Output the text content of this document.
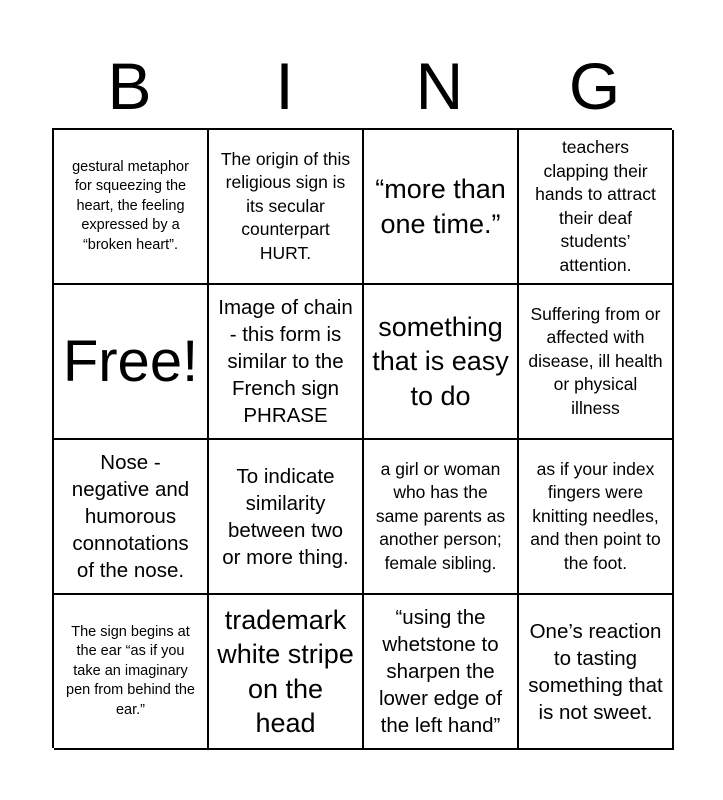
B	I	N	G
gestural metaphor for squeezing the heart, the feeling expressed by a “broken heart”.
The origin of this religious sign is its secular counterpart HURT.
“more than one time.”
teachers clapping their hands to attract their deaf students’ attention.
Free!
Image of chain - this form is similar to the French sign PHRASE
something that is easy to do
Suffering from or affected with disease, ill health or physical illness
Nose - negative and humorous connotations of the nose.
To indicate similarity between two or more thing.
a girl or woman who has the same parents as another person; female sibling.
as if your index fingers were knitting needles, and then point to the foot.
The sign begins at the ear “as if you take an imaginary pen from behind the ear.”
trademark white stripe on the head
“using the whetstone to sharpen the lower edge of the left hand”
One’s reaction to tasting something that is not sweet.
